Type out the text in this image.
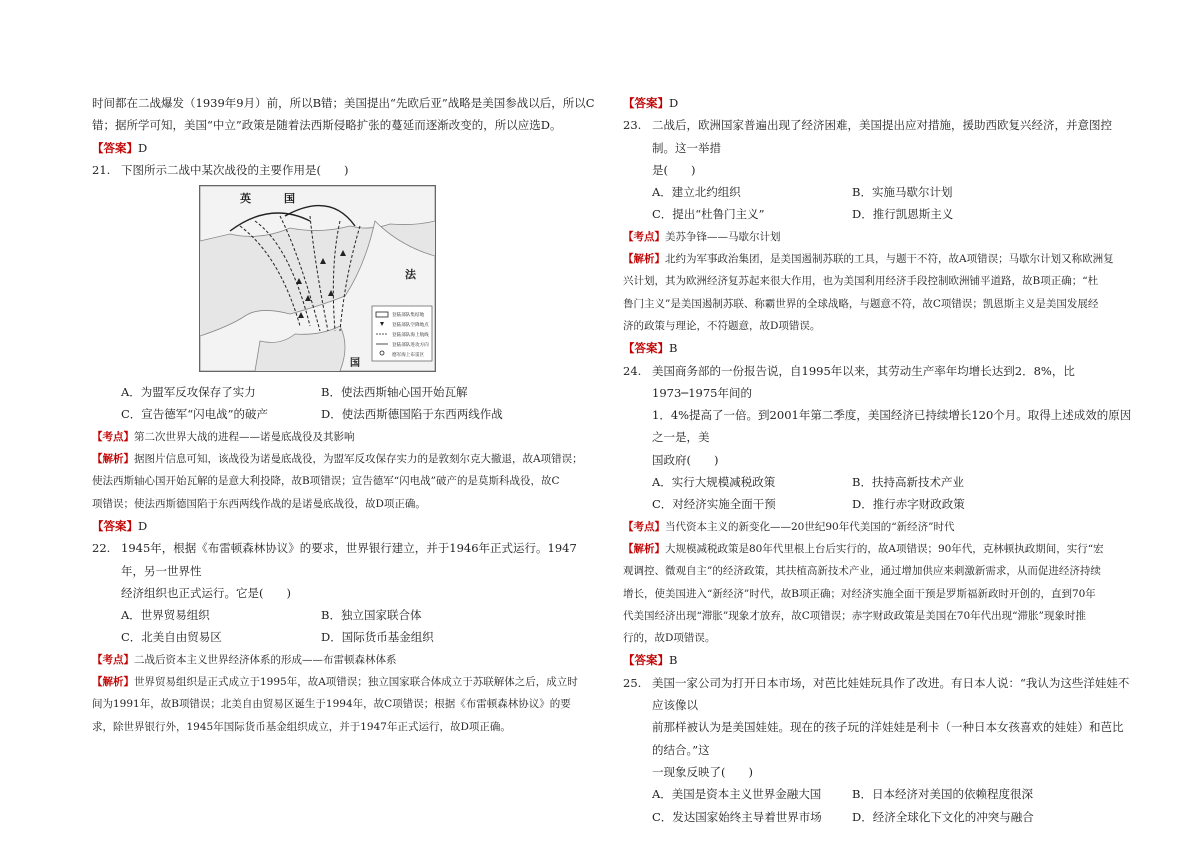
时间都在二战爆发（1939年9月）前，所以B错；美国提出“先欧后亚”战略是美国参战以后，所以C

错；据所学可知，美国“中立”政策是随着法西斯侵略扩张的蔓延而逐渐改变的，所以应选D。

【答案】D

21. 下图所示二战中某次战役的主要作用是(　　)

英　　　国
法
国
登陆部队集结地
登陆部队空降地点
登陆部队海上航线
登陆部队进攻方向
德军海上布雷区
A．为盟军反攻保存了实力	B．使法西斯轴心国开始瓦解
C．宣告德军“闪电战”的破产	D．使法西斯德国陷于东西两线作战

【考点】第二次世界大战的进程——诺曼底战役及其影响

【解析】据图片信息可知，该战役为诺曼底战役，为盟军反攻保存实力的是敦刻尔克大撤退，故A项错误；

使法西斯轴心国开始瓦解的是意大利投降，故B项错误；宣告德军“闪电战”破产的是莫斯科战役，故C

项错误；使法西斯德国陷于东西两线作战的是诺曼底战役，故D项正确。

【答案】D

22. 1945年，根据《布雷顿森林协议》的要求，世界银行建立，并于1946年正式运行。1947年，另一世界性

经济组织也正式运行。它是(　　)

A．世界贸易组织	B．独立国家联合体
C．北美自由贸易区	D．国际货币基金组织

【考点】二战后资本主义世界经济体系的形成——布雷顿森林体系

【解析】世界贸易组织是正式成立于1995年，故A项错误；独立国家联合体成立于苏联解体之后，成立时

间为1991年，故B项错误；北美自由贸易区诞生于1994年，故C项错误；根据《布雷顿森林协议》的要

求，除世界银行外，1945年国际货币基金组织成立，并于1947年正式运行，故D项正确。

【答案】D

23. 二战后，欧洲国家普遍出现了经济困难，美国提出应对措施，援助西欧复兴经济，并意图控制。这一举措

是(　　)

A．建立北约组织	B．实施马歇尔计划
C．提出“杜鲁门主义”	D．推行凯恩斯主义

【考点】美苏争锋——马歇尔计划

【解析】北约为军事政治集团，是美国遏制苏联的工具，与题干不符，故A项错误；马歇尔计划又称欧洲复

兴计划，其为欧洲经济复苏起来很大作用，也为美国利用经济手段控制欧洲铺平道路，故B项正确；“杜

鲁门主义”是美国遏制苏联、称霸世界的全球战略，与题意不符，故C项错误；凯恩斯主义是美国发展经

济的政策与理论，不符题意，故D项错误。

【答案】B

24. 美国商务部的一份报告说，自1995年以来，其劳动生产率年均增长达到2．8%，比1973─1975年间的

1．4%提高了一倍。到2001年第二季度，美国经济已持续增长120个月。取得上述成效的原因之一是，美

国政府(　　)

A．实行大规模减税政策	B．扶持高新技术产业
C．对经济实施全面干预	D．推行赤字财政政策

【考点】当代资本主义的新变化——20世纪90年代美国的“新经济”时代

【解析】大规模减税政策是80年代里根上台后实行的，故A项错误；90年代，克林顿执政期间，实行“宏

观调控、微观自主”的经济政策，其扶植高新技术产业，通过增加供应来刺激新需求，从而促进经济持续

增长，使美国进入“新经济”时代，故B项正确；对经济实施全面干预是罗斯福新政时开创的，直到70年

代美国经济出现“滞胀”现象才放弃，故C项错误；赤字财政政策是美国在70年代出现“滞胀”现象时推

行的，故D项错误。

【答案】B

25. 美国一家公司为打开日本市场，对芭比娃娃玩具作了改进。有日本人说：“我认为这些洋娃娃不应该像以

前那样被认为是美国娃娃。现在的孩子玩的洋娃娃是利卡（一种日本女孩喜欢的娃娃）和芭比的结合。”这

一现象反映了(　　)

A．美国是资本主义世界金融大国	B．日本经济对美国的依赖程度很深
C．发达国家始终主导着世界市场	D．经济全球化下文化的冲突与融合
